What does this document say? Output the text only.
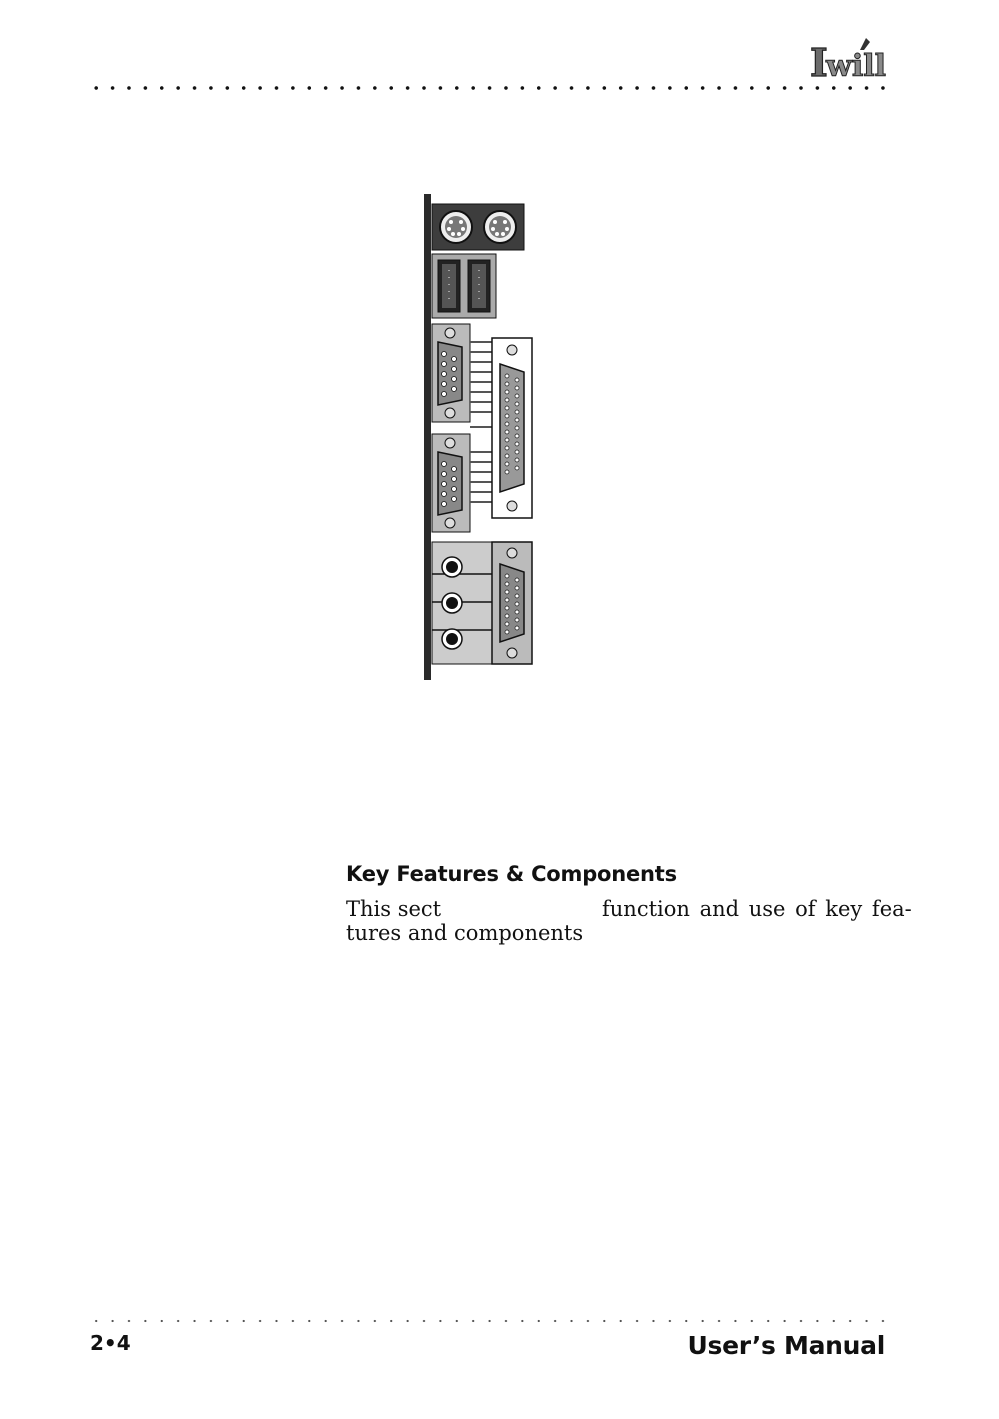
I
will
Key Features & Components

This sect	function and use of key fea-

tures and components

2•4	User’s Manual
